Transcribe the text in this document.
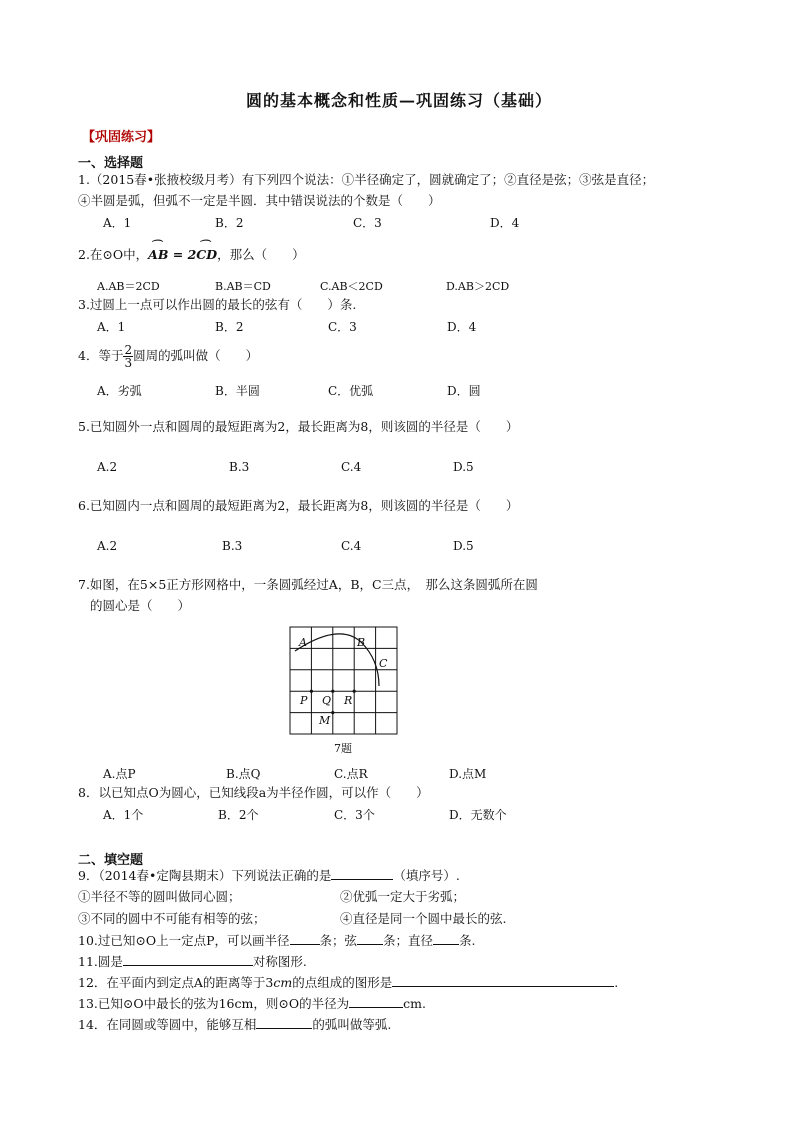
圆的基本概念和性质—巩固练习（基础）
【巩固练习】
一、选择题
1.（2015春•张掖校级月考）有下列四个说法：①半径确定了，圆就确定了；②直径是弦；③弦是直径；
④半圆是弧，但弧不一定是半圆．其中错误说法的个数是（　　）
A．1	B．2	C．3	D．4
2.在⊙O中，⌒ AB = 2⌒ CD，那么（　　）
A.AB＝2CD	B.AB＝CD	C.AB＜2CD	D.AB＞2CD
3.过圆上一点可以作出圆的最长的弦有（　　）条.
A．1	B．2	C．3	D．4
4．等于 $\frac{2}{3}$ 圆周的弧叫做（　　）
A．劣弧	B．半圆	C．优弧	D．圆
5.已知圆外一点和圆周的最短距离为2，最长距离为8，则该圆的半径是（　　）
A.2	B.3	C.4	D.5
6.已知圆内一点和圆周的最短距离为2，最长距离为8，则该圆的半径是（　　）
A.2	B.3	C.4	D.5
7.如图，在5×5正方形网格中，一条圆弧经过A，B，C三点，　那么这条圆弧所在圆
的圆心是（　　）
A	B
C
P Q R
M
7题
A.点P	B.点Q	C.点R	D.点M
8．以已知点O为圆心，已知线段a为半径作圆，可以作（　　）
A．1个	B．2个	C．3个	D．无数个
二、填空题
9．（2014春•定陶县期末）下列说法正确的是	（填序号）.
①半径不等的圆叫做同心圆；	②优弧一定大于劣弧；
③不同的圆中不可能有相等的弦；	④直径是同一个圆中最长的弦.
10.过已知⊙O上一定点P，可以画半径 条；弦 条；直径 条.
11.圆是	对称图形.
12．在平面内到定点A的距离等于3cm的点组成的图形是	.
13.已知⊙O中最长的弦为16cm，则⊙O的半径为	cm.
14．在同圆或等圆中，能够互相	的弧叫做等弧.
